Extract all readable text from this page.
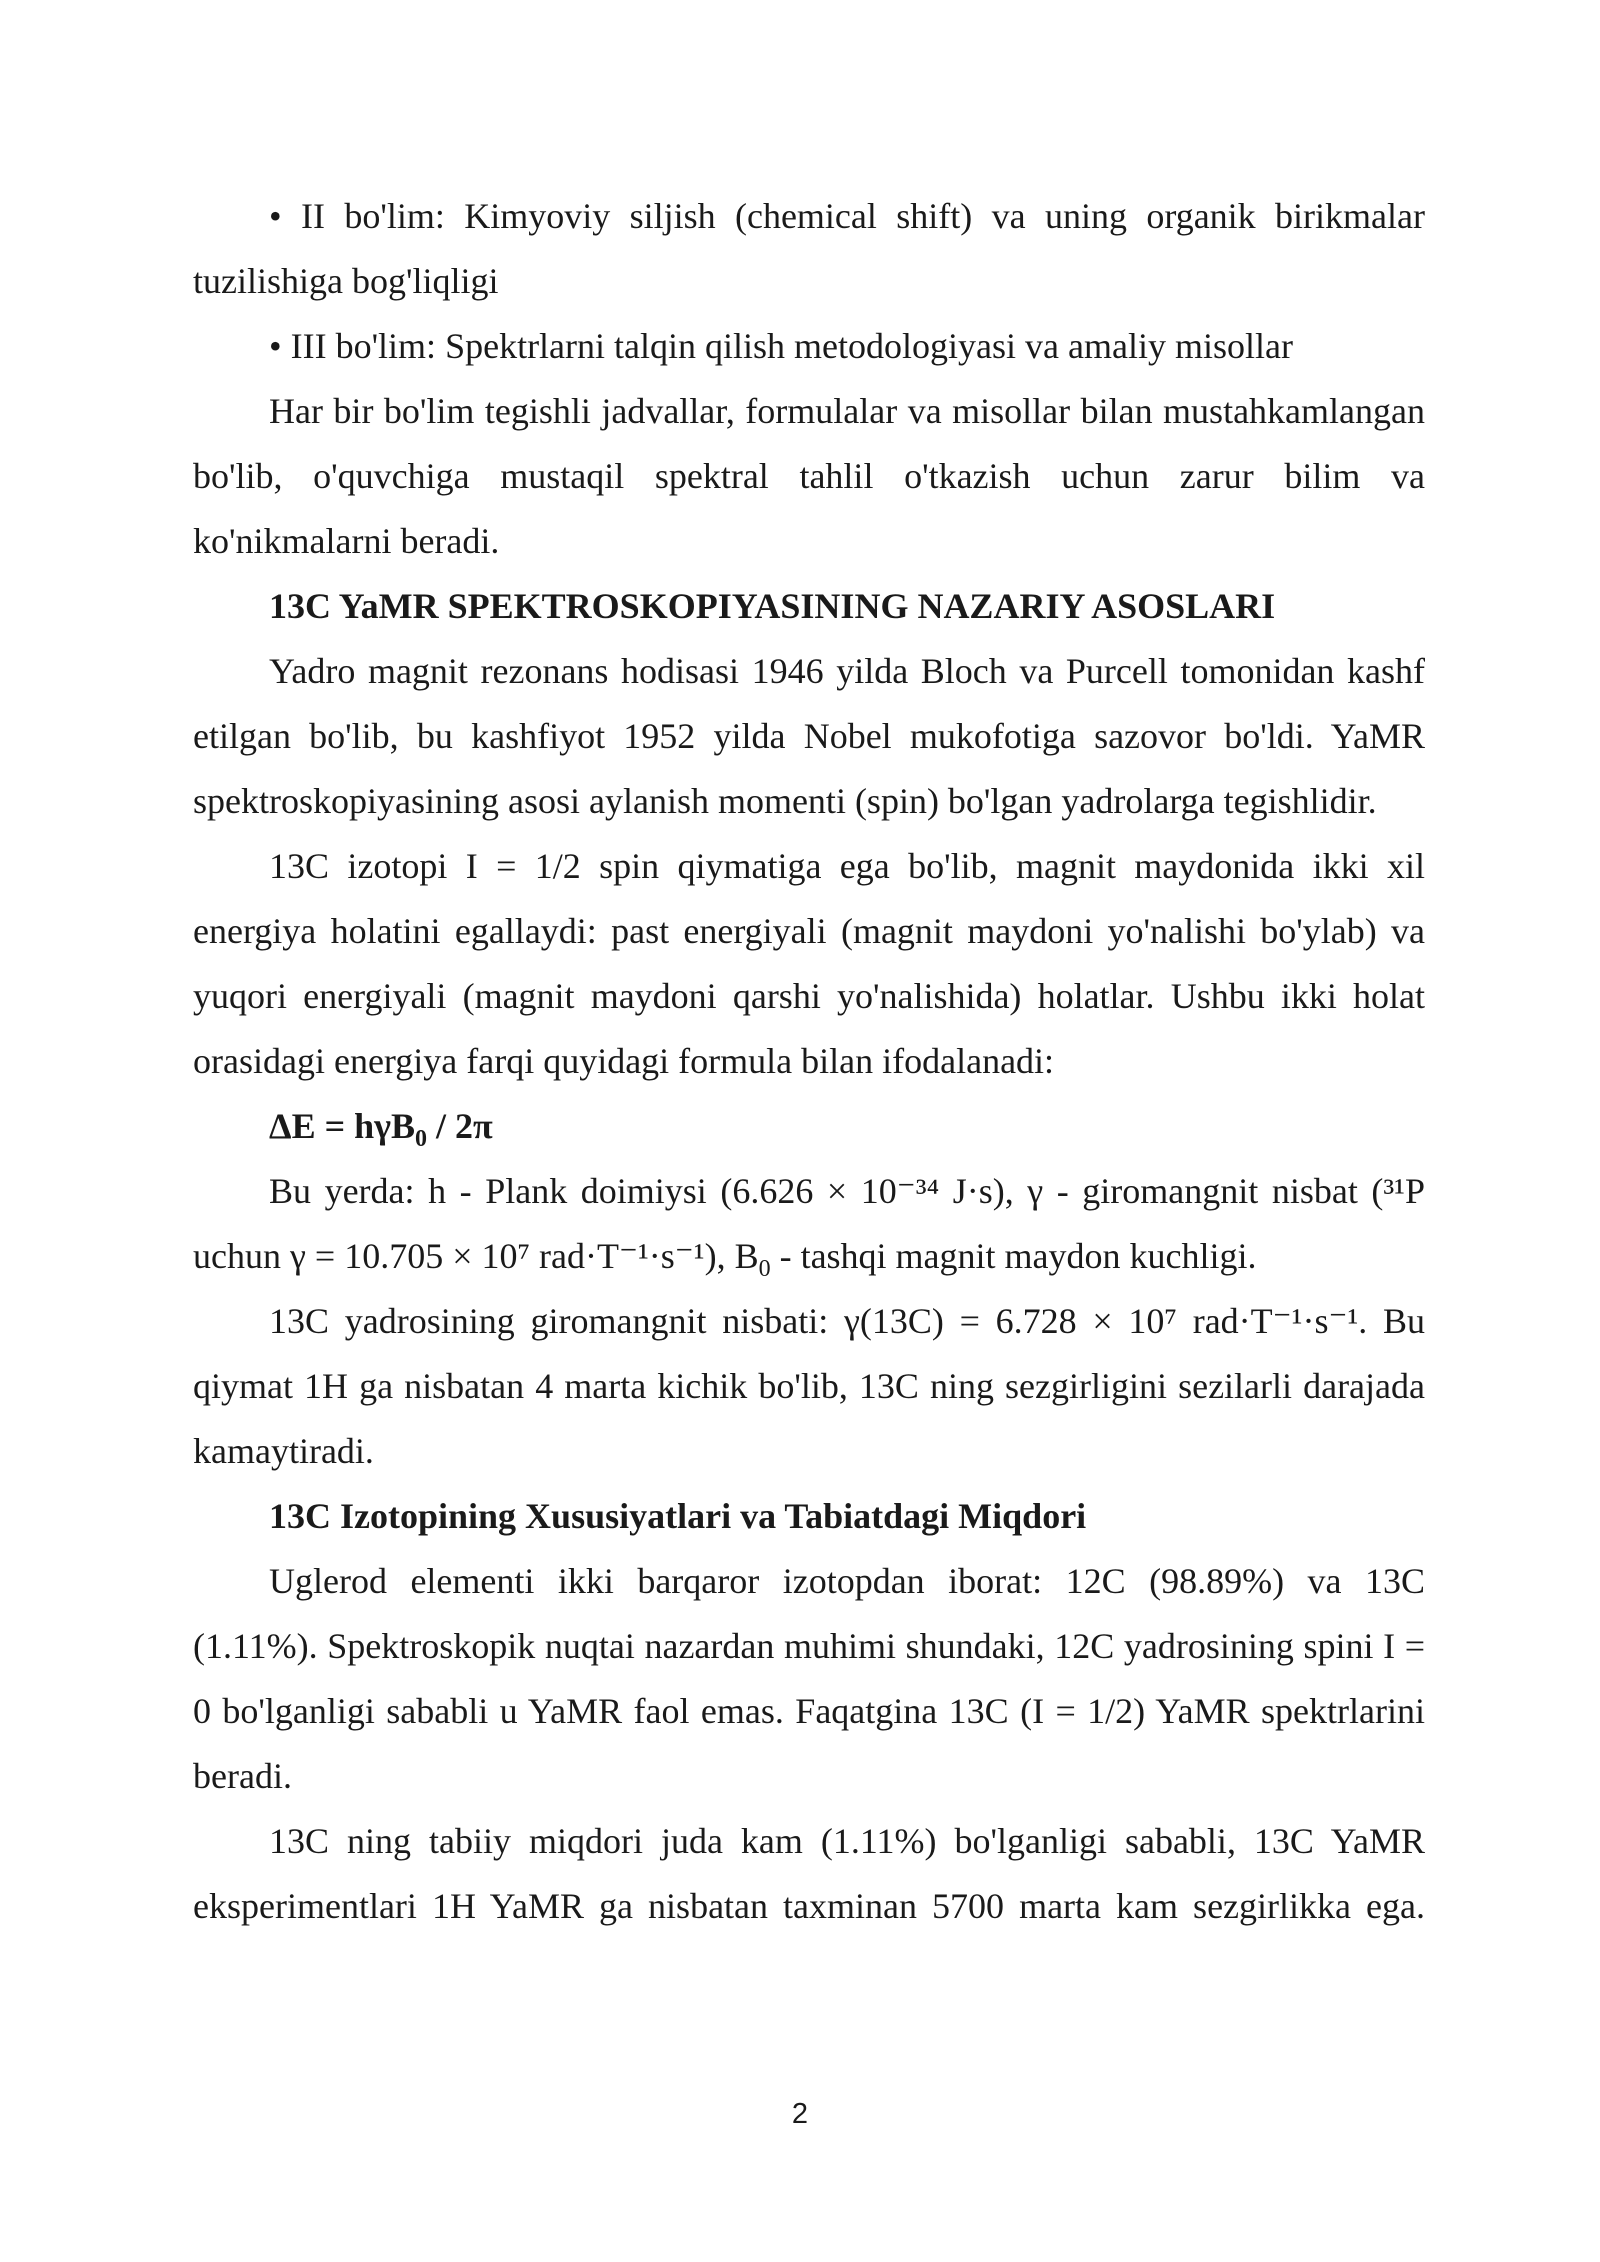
• II bo'lim: Kimyoviy siljish (chemical shift) va uning organik birikmalar tuzilishiga bog'liqligi

• III bo'lim: Spektrlarni talqin qilish metodologiyasi va amaliy misollar

Har bir bo'lim tegishli jadvallar, formulalar va misollar bilan mustahkamlangan bo'lib, o'quvchiga mustaqil spektral tahlil o'tkazish uchun zarur bilim va ko'nikmalarni beradi.

13C YaMR SPEKTROSKOPIYASINING NAZARIY ASOSLARI

Yadro magnit rezonans hodisasi 1946 yilda Bloch va Purcell tomonidan kashf etilgan bo'lib, bu kashfiyot 1952 yilda Nobel mukofotiga sazovor bo'ldi. YaMR spektroskopiyasining asosi aylanish momenti (spin) bo'lgan yadrolarga tegishlidir.

13C izotopi I = 1/2 spin qiymatiga ega bo'lib, magnit maydonida ikki xil energiya holatini egallaydi: past energiyali (magnit maydoni yo'nalishi bo'ylab) va yuqori energiyali (magnit maydoni qarshi yo'nalishida) holatlar. Ushbu ikki holat orasidagi energiya farqi quyidagi formula bilan ifodalanadi:

ΔE = hγB$_0$ / 2π

Bu yerda: h - Plank doimiysi (6.626 × 10⁻³⁴ J·s), γ - giromangnit nisbat (³¹P uchun γ = 10.705 × 10⁷ rad·T⁻¹·s⁻¹), $B_0$ - tashqi magnit maydon kuchligi.

13C yadrosining giromangnit nisbati: γ(13C) = 6.728 × 10⁷ rad·T⁻¹·s⁻¹. Bu qiymat 1H ga nisbatan 4 marta kichik bo'lib, 13C ning sezgirligini sezilarli darajada kamaytiradi.

13C Izotopining Xususiyatlari va Tabiatdagi Miqdori

Uglerod elementi ikki barqaror izotopdan iborat: 12C (98.89%) va 13C (1.11%). Spektroskopik nuqtai nazardan muhimi shundaki, 12C yadrosining spini I = 0 bo'lganligi sababli u YaMR faol emas. Faqatgina 13C (I = 1/2) YaMR spektrlarini beradi.

13C ning tabiiy miqdori juda kam (1.11%) bo'lganligi sababli, 13C YaMR eksperimentlari 1H YaMR ga nisbatan taxminan 5700 marta kam sezgirlikka ega.

2
